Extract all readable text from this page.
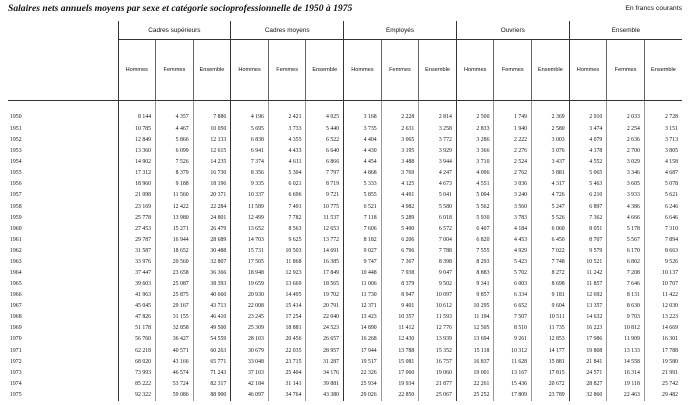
Salaires nets annuels moyens par sexe et catégorie socioprofessionnelle de 1950 à 1975	En francs courants
	Cadres supérieurs			Cadres moyens			Employés			Ouvriers			Ensemble		
	Hommes	Femmes	Ensemble	Hommes	Femmes	Ensemble	Hommes	Femmes	Ensemble	Hommes	Femmes	Ensemble	Hommes	Femmes	Ensemble
1950	8 144	4 357	7 886	4 196	2 421	4 025	3 168	2 228	2 814	2 500	1 749	2 369	2 910	2 033	2 728
1951	10 785	4 467	10 050	5 695	3 733	5 440	3 735	2 631	3 258	2 833	1 940	2 580	3 474	2 254	3 151
1952	12 849	5 866	12 133	6 838	4 355	6 522	4 404	3 065	3 772	3 286	2 222	3 003	4 079	2 636	3 713
1953	13 360	6 099	12 615	6 941	4 433	6 640	4 430	3 195	3 929	3 366	2 276	3 076	4 178	2 700	3 805
1954	14 902	7 526	14 235	7 374	4 611	6 866	4 454	3 488	3 944	3 710	2 524	3 437	4 552	3 029	4 158
1955	17 312	8 379	16 730	8 356	5 304	7 797	4 868	3 769	4 247	4 096	2 762	3 881	5 065	3 346	4 687
1956	18 960	9 188	18 196	9 335	6 021	8 719	5 333	4 125	4 673	4 551	3 036	4 317	5 463	3 605	5 078
1957	21 098	11 560	20 371	10 337	6 696	9 721	5 855	4 491	5 041	5 004	3 240	4 726	6 210	3 933	5 621
1958	23 169	12 422	22 284	11 589	7 491	10 775	6 521	4 982	5 580	5 562	3 560	5 247	6 897	4 386	6 246
1959	25 778	13 980	24 801	12 499	7 782	11 537	7 118	5 289	6 018	5 930	3 783	5 526	7 362	4 666	6 646
1960	27 453	15 271	26 479	13 652	8 563	12 653	7 606	5 490	6 572	6 407	4 184	6 060	8 051	5 178	7 310
1961	29 787	16 944	28 689	14 703	9 625	13 772	8 182	6 206	7 004	6 820	4 453	6 450	8 707	5 567	7 894
1962	31 587	18 652	30 488	15 731	10 503	14 691	9 027	6 796	7 788	7 555	4 929	7 022	9 579	6 170	8 663
1963	33 976	20 560	32 807	17 505	11 868	16 385	9 747	7 367	8 398	8 293	5 423	7 748	10 521	6 802	9 526
1964	37 447	23 658	36 366	18 948	12 923	17 849	10 448	7 938	9 047	8 883	5 702	8 272	11 242	7 208	10 137
1965	39 603	25 087	38 393	19 659	13 669	18 565	11 006	8 379	9 502	9 341	6 003	8 698	11 857	7 646	10 707
1966	41 963	25 875	40 660	20 930	14 495	19 702	11 730	8 947	10 097	9 857	6 334	9 181	12 692	8 131	11 422
1967	45 045	29 167	43 713	22 008	15 414	20 791	12 371	9 401	10 612	10 295	6 652	9 604	13 357	8 630	12 030
1968	47 826	31 155	46 410	23 245	17 254	22 040	13 423	10 357	11 593	11 194	7 507	10 511	14 632	9 703	13 223
1969	51 178	32 858	49 500	25 309	18 881	24 523	14 890	11 412	12 776	12 505	8 510	11 735	16 223	10 812	14 669
1970	56 760	36 427	54 559	28 103	20 456	26 657	16 268	12 430	13 939	13 694	9 261	12 853	17 986	11 909	16 301
1971	62 218	40 571	60 263	30 679	22 035	28 957	17 944	13 788	15 352	15 118	10 312	14 177	19 808	13 133	17 788
1972	68 020	43 166	65 771	33 048	23 715	31 287	19 517	15 081	16 757	16 837	11 628	15 881	21 841	14 558	19 580
1973	73 993	46 574	71 243	37 103	25 404	34 176	22 326	17 060	19 060	19 001	13 167	17 815	24 571	16 314	21 991
1974	85 222	53 724	82 317	42 184	31 141	39 881	25 934	19 934	21 877	22 261	15 436	20 672	28 827	19 118	25 742
1975	92 322	59 086	88 900	46 097	34 764	43 380	29 026	22 850	25 067	25 252	17 809	23 789	32 860	22 463	29 482
